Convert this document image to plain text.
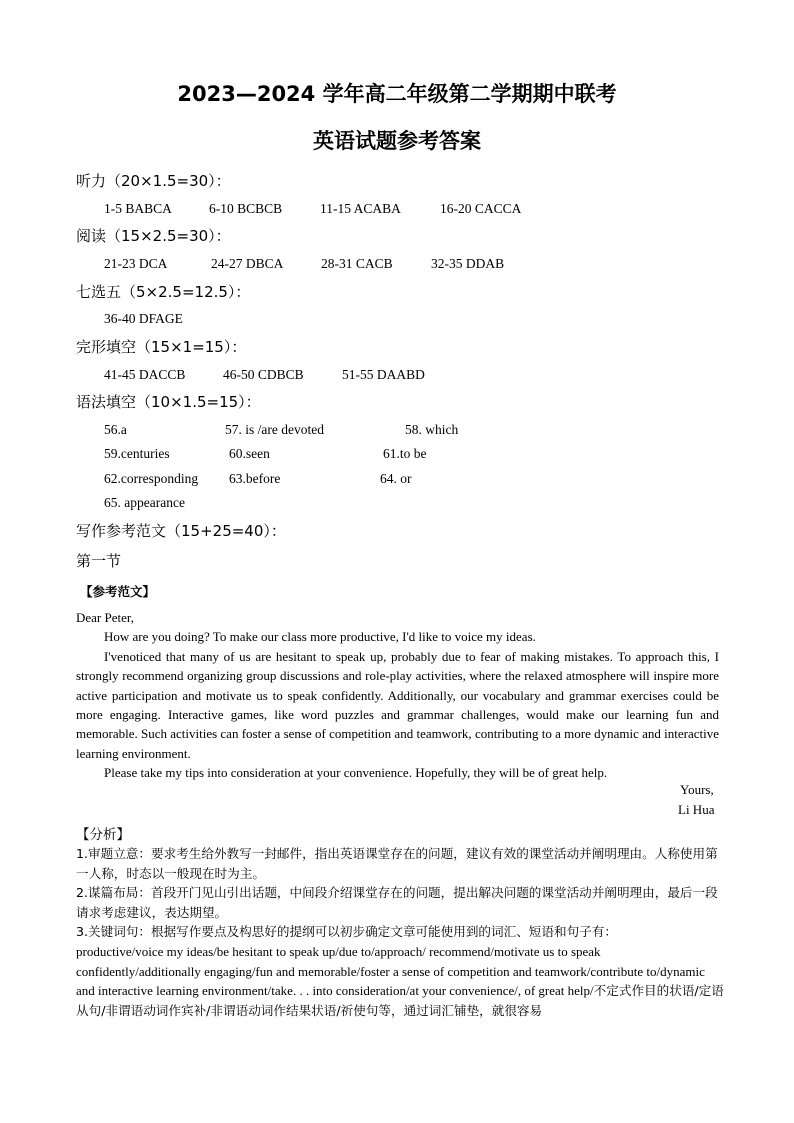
2023—2024 学年高二年级第二学期期中联考
英语试题参考答案
听力（20×1.5=30）：
1-5 BABCA	6-10 BCBCB	11-15 ACABA	16-20 CACCA
阅读（15×2.5=30）：
21-23 DCA	24-27 DBCA	28-31 CACB	32-35 DDAB
七选五（5×2.5=12.5）：
36-40 DFAGE
完形填空（15×1=15）：
41-45 DACCB	46-50 CDBCB	51-55 DAABD
语法填空（10×1.5=15）：
56.a	57. is /are devoted	58. which
59.centuries	60.seen	61.to be
62.corresponding 63.before	64. or
65. appearance
写作参考范文（15+25=40）：
第一节
【参考范文】

Dear Peter,

How are you doing? To make our class more productive, I'd like to voice my ideas.

I'venoticed that many of us are hesitant to speak up, probably due to fear of making mistakes. To approach this, I strongly recommend organizing group discussions and role-play activities, where the relaxed atmosphere will inspire more active participation and motivate us to speak confidently. Additionally, our vocabulary and grammar exercises could be more engaging. Interactive games, like word puzzles and grammar challenges, would make our learning fun and memorable. Such activities can foster a sense of competition and teamwork, contributing to a more dynamic and interactive learning environment.

Please take my tips into consideration at your convenience. Hopefully, they will be of great help.

Yours,
Li Hua
【分析】

1.审题立意：要求考生给外教写一封邮件，指出英语课堂存在的问题，建议有效的课堂活动并阐明理由。人称使用第一人称，时态以一般现在时为主。

2.谋篇布局：首段开门见山引出话题，中间段介绍课堂存在的问题，提出解决问题的课堂活动并阐明理由，最后一段请求考虑建议，表达期望。

3.关键词句：根据写作要点及构思好的提纲可以初步确定文章可能使用到的词汇、短语和句子有：

productive/voice my ideas/be hesitant to speak up/due to/approach/ recommend/motivate us to speak confidently/additionally engaging/fun and memorable/foster a sense of competition and teamwork/contribute to/dynamic and interactive learning environment/take. . . into consideration/at your convenience/, of great help/不定式作目的状语/定语从句/非谓语动词作宾补/非谓语动词作结果状语/祈使句等，通过词汇铺垫，就很容易
